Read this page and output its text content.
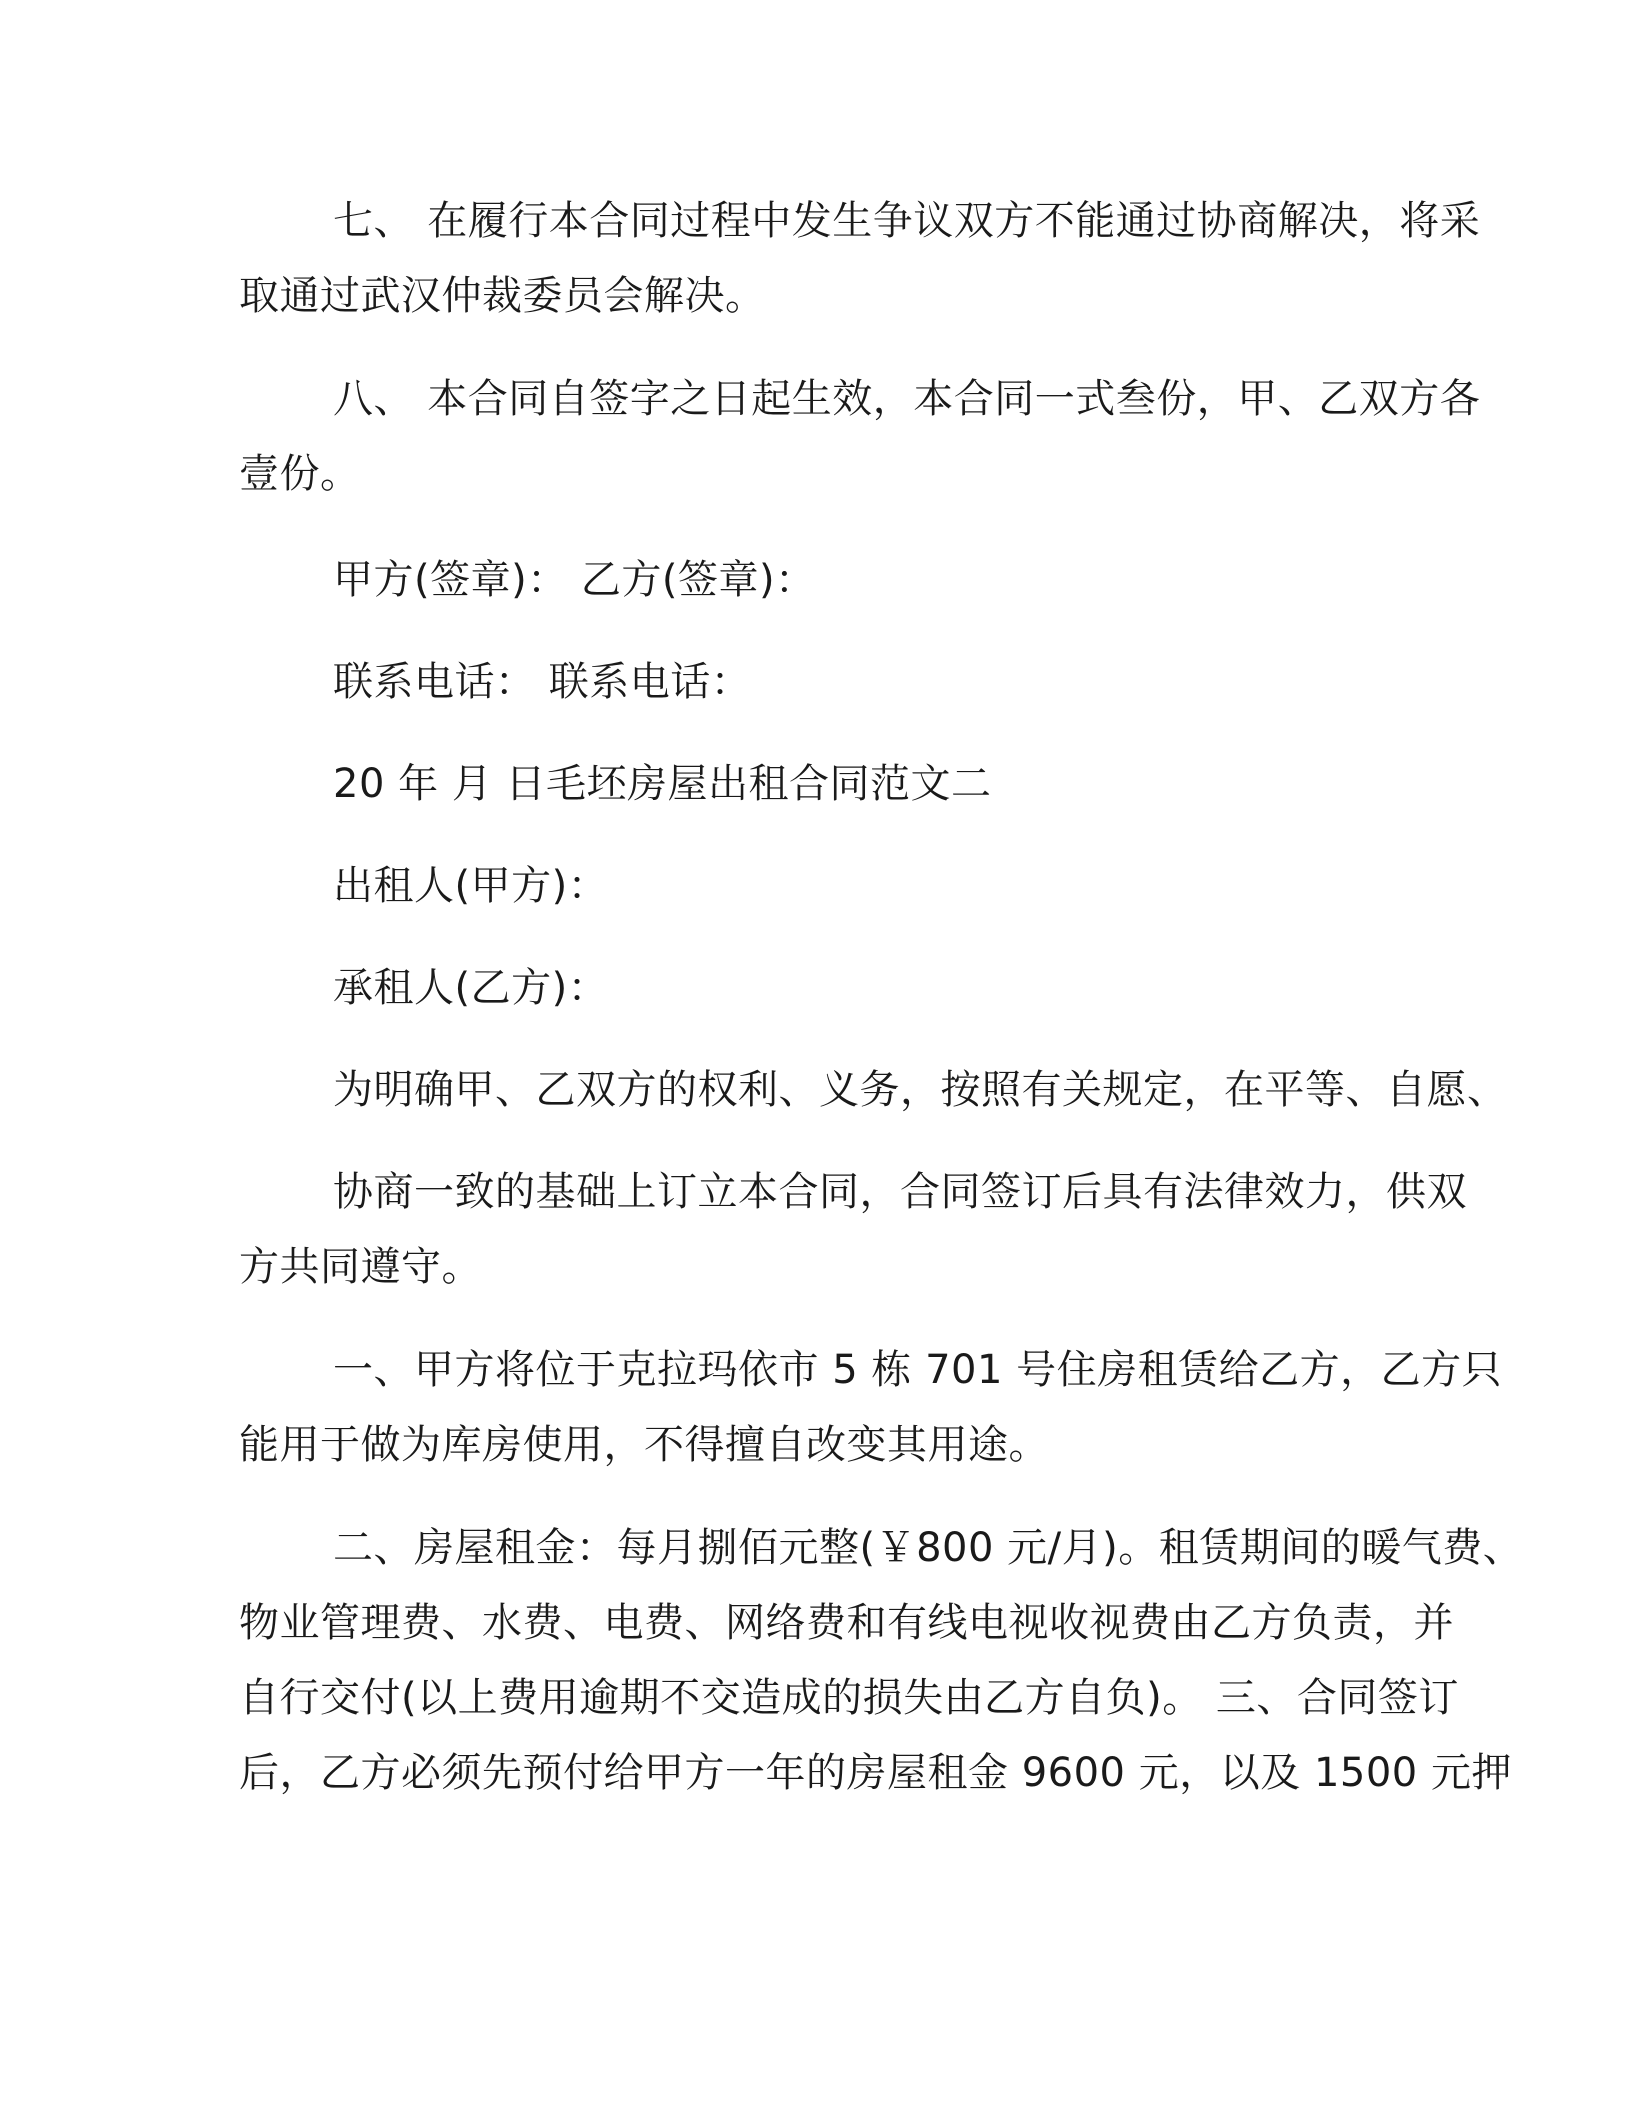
七、 在履行本合同过程中发生争议双方不能通过协商解决，将采
取通过武汉仲裁委员会解决。
八、 本合同自签字之日起生效，本合同一式叁份，甲、乙双方各
壹份。
甲方(签章)： 乙方(签章)：
联系电话： 联系电话：
20 年 月 日毛坯房屋出租合同范文二
出租人(甲方)：
承租人(乙方)：
为明确甲、乙双方的权利、义务，按照有关规定，在平等、自愿、
协商一致的基础上订立本合同，合同签订后具有法律效力，供双
方共同遵守。
一、甲方将位于克拉玛依市 5 栋 701 号住房租赁给乙方，乙方只
能用于做为库房使用，不得擅自改变其用途。
二、房屋租金：每月捌佰元整(￥800 元/月)。租赁期间的暖气费、
物业管理费、水费、电费、网络费和有线电视收视费由乙方负责，并
自行交付(以上费用逾期不交造成的损失由乙方自负)。 三、合同签订
后，乙方必须先预付给甲方一年的房屋租金 9600 元，以及 1500 元押
